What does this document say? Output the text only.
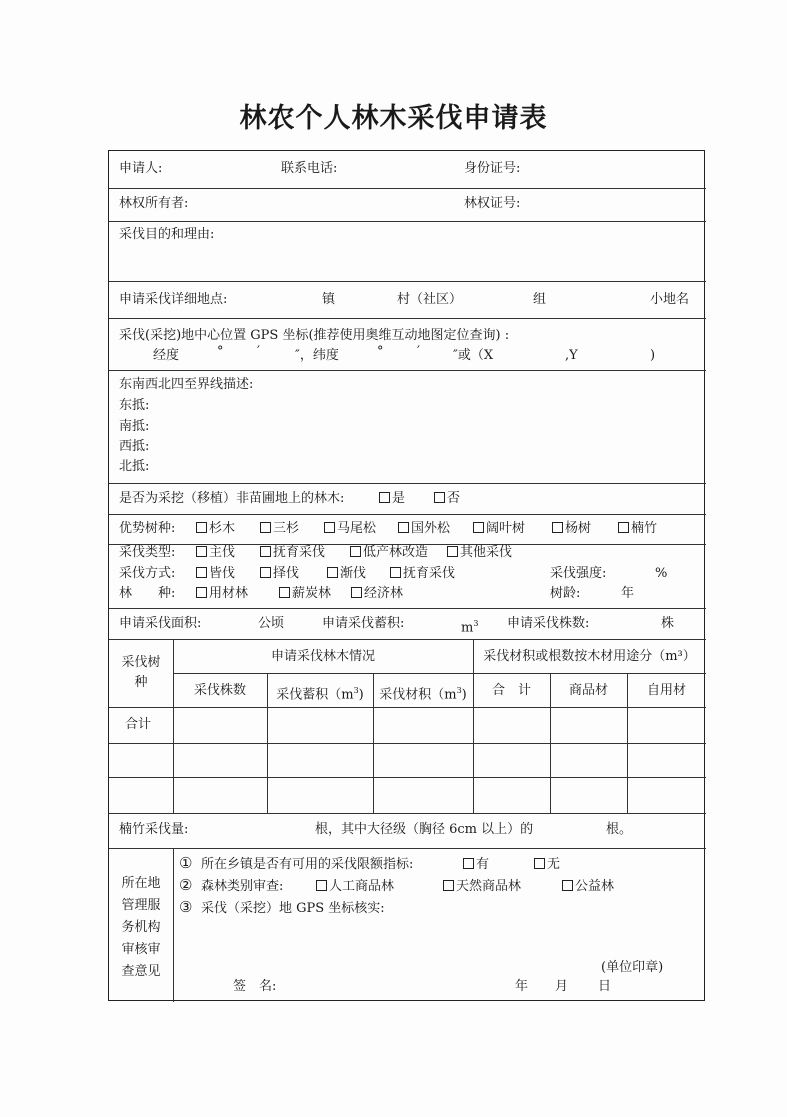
林农个人林木采伐申请表
申请人:	联系电话:	身份证号:
林权所有者:	林权证号:
采伐目的和理由:
申请采伐详细地点:	镇	村（社区）	组	小地名
采伐(采挖)地中心位置 GPS 坐标(推荐使用奥维互动地图定位查询) :
经度	°	′	″，纬度	°	′	″或（X	,Y	)
东南西北四至界线描述:
东抵:
南抵:
西抵:
北抵:
是否为采挖（移植）非苗圃地上的林木:	是	否
优势树种:	杉木	三杉	马尾松	国外松	阔叶树	杨树	楠竹
采伐类型:	主伐	抚育采伐	低产林改造	其他采伐
采伐方式:	皆伐	择伐	渐伐	抚育采伐	采伐强度:	%
林　　种:	用材林	薪炭林	经济林	树龄:	年
申请采伐面积:	公顷	申请采伐蓄积:	$m^3$ 申请采伐株数:	株
采伐树种
申请采伐林木情况	采伐材积或根数按木材用途分（m³）
采伐株数	采伐蓄积$(m^3)$	采伐材积$(m^3)$	合　计	商品材	自用材
合计
楠竹采伐量:	根，其中大径级（胸径 6cm 以上）的	根。
所在地
管理服
务机构
审核审
查意见
① 所在乡镇是否有可用的采伐限额指标:	有	无
② 森林类别审查:	人工商品林	天然商品林	公益林
③ 采伐（采挖）地 GPS 坐标核实:
(单位印章)
签　名:	年 月 日
